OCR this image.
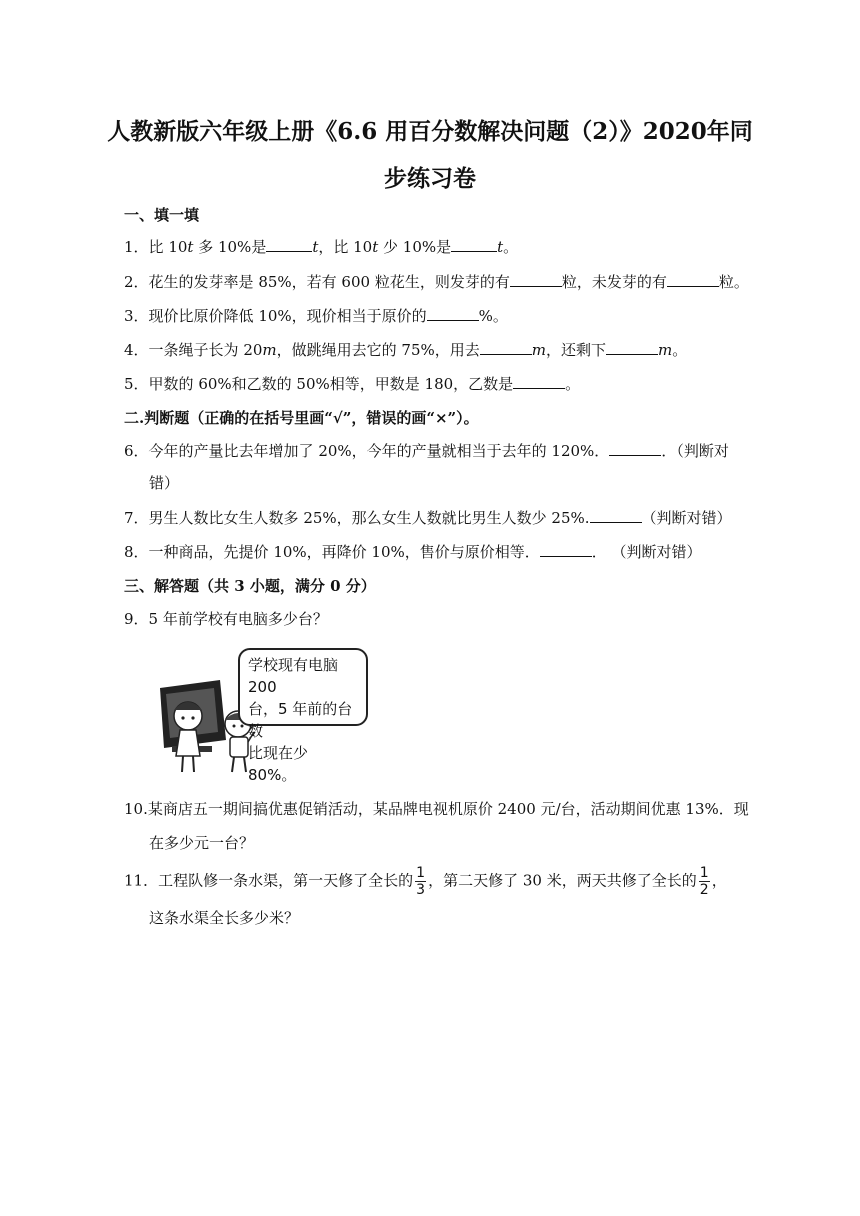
人教新版六年级上册《6.6 用百分数解决问题（2）》2020年同
步练习卷
一、填一填
1．比 10t 多 10%是	t，比 10t 少 10%是	t。
2．花生的发芽率是 85%，若有 600 粒花生，则发芽的有	粒，未发芽的有	粒。
3．现价比原价降低 10%，现价相当于原价的	%。
4．一条绳子长为 20m，做跳绳用去它的 75%，用去	m，还剩下	m。
5．甲数的 60%和乙数的 50%相等，甲数是 180，乙数是	。
二.判断题（正确的在括号里画“√”，错误的画“×”）。
6．今年的产量比去年增加了 20%，今年的产量就相当于去年的 120%．	．（判断对
错）
7．男生人数比女生人数多 25%，那么女生人数就比男生人数少 25%.	（判断对错）
8．一种商品，先提价 10%，再降价 10%，售价与原价相等．	． （判断对错）
三、解答题（共 3 小题，满分 0 分）
9．5 年前学校有电脑多少台？
学校现有电脑 200
台，5 年前的台数
比现在少 80%。
10.某商店五一期间搞优惠促销活动，某品牌电视机原价 2400 元/台，活动期间优惠 13%．现
在多少元一台？
11．工程队修一条水渠，第一天修了全长的 $\frac{1}{3}$ ，第二天修了 30 米，两天共修了全长的 $\frac{1}{2}$ ，
这条水渠全长多少米？
